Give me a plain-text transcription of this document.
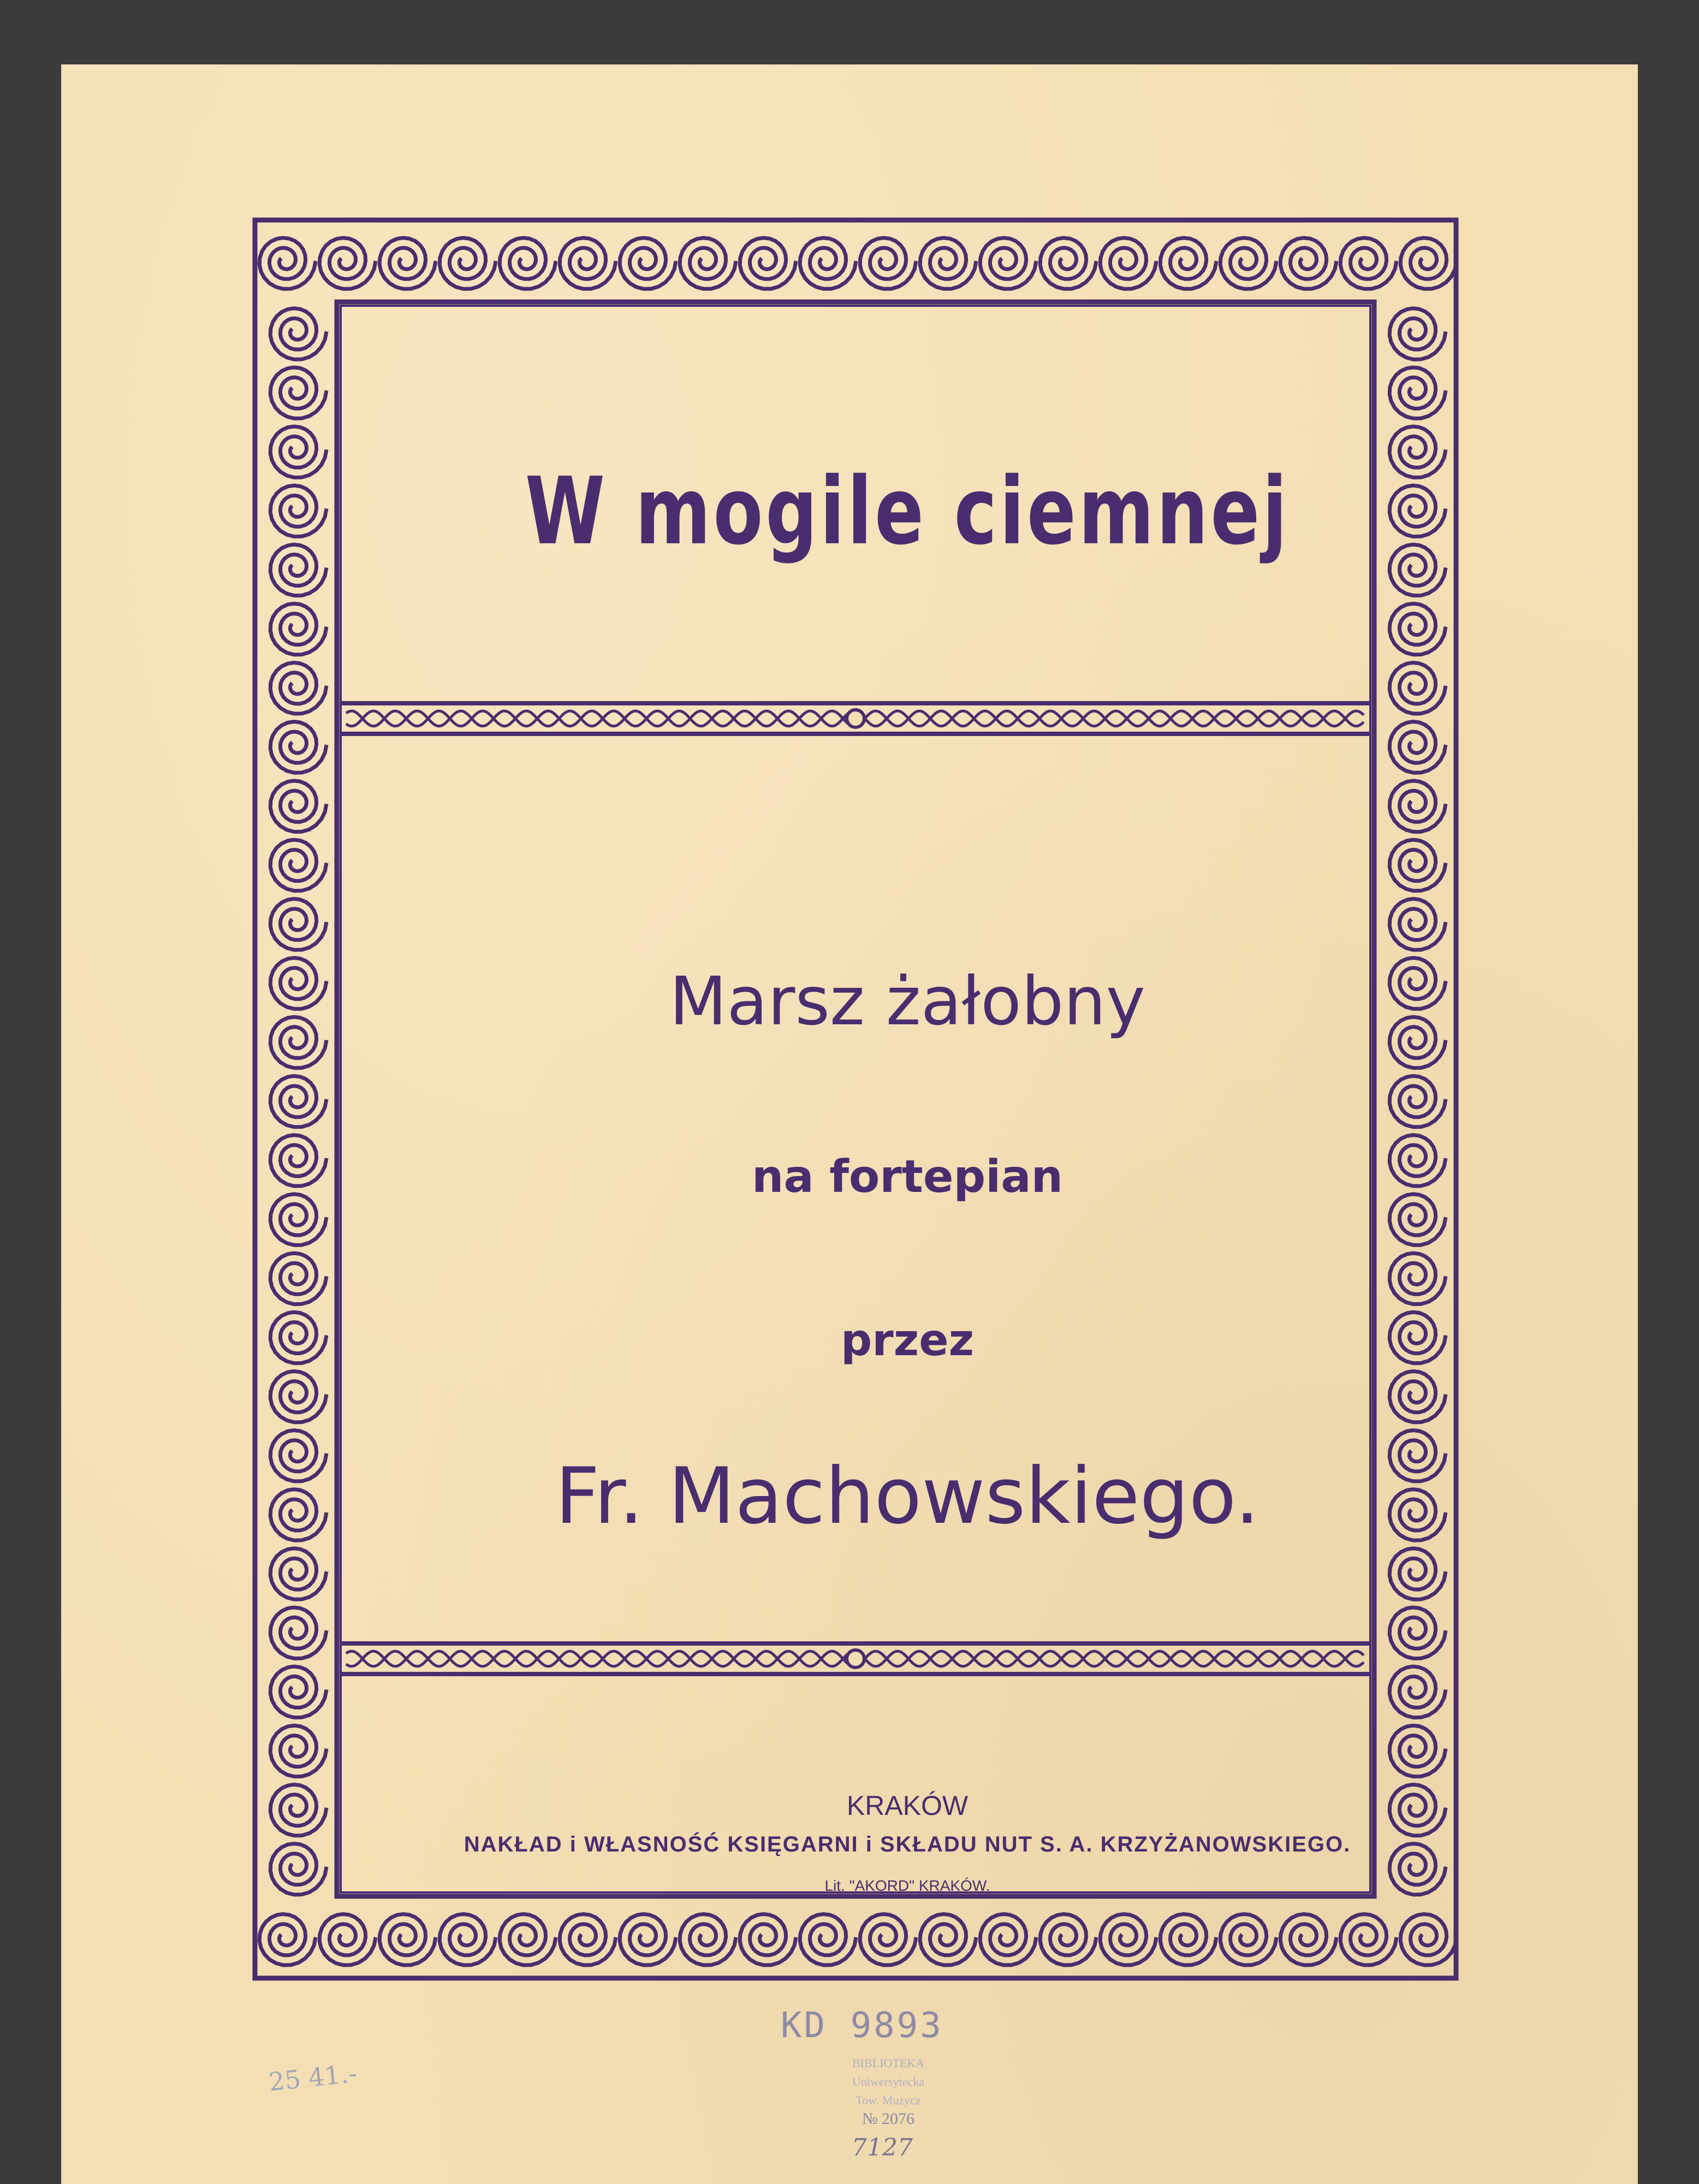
W mogile ciemnej
Marsz żałobny
na fortepian
przez
Fr. Machowskiego.
KRAKÓW
NAKŁAD i WŁASNOŚĆ KSIĘGARNI i SKŁADU NUT S. A. KRZYŻANOWSKIEGO.
Lit. "AKORD" KRAKÓW.
KD 9893
BIBLIOTEKA
Uniwersytecka
Tow. Muzycz
№ 2076
25 41.-
7127
